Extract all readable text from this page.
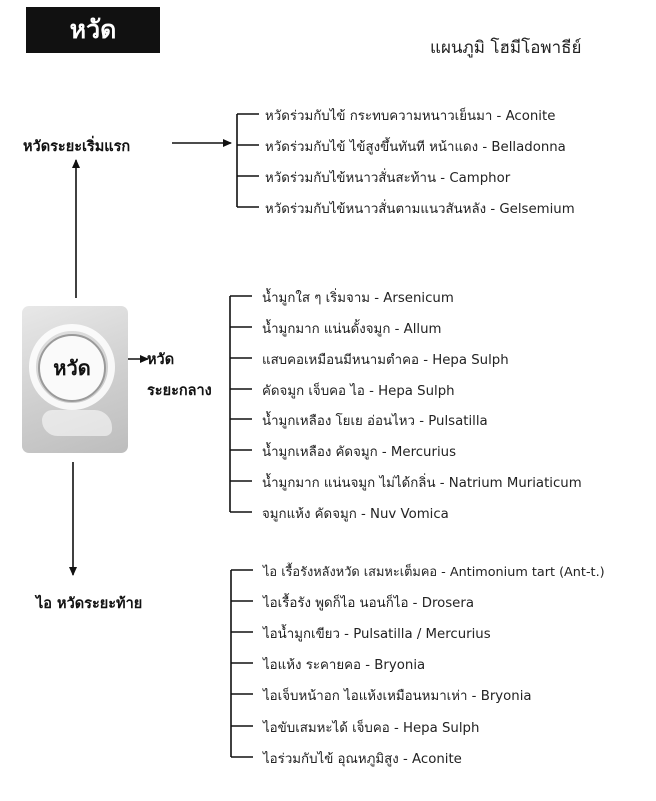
หวัด
แผนภูมิ โฮมีโอพาธีย์
หวัด
หวัดระยะเริ่มแรก
หวัด
ระยะกลาง
ไอ หวัดระยะท้าย
หวัดร่วมกับไข้ กระทบความหนาวเย็นมา - Aconite
หวัดร่วมกับไข้ ไข้สูงขึ้นทันที หน้าแดง - Belladonna
หวัดร่วมกับไข้หนาวสั่นสะท้าน - Camphor
หวัดร่วมกับไข้หนาวสั่นตามแนวสันหลัง - Gelsemium
น้ำมูกใส ๆ เริ่มจาม - Arsenicum
น้ำมูกมาก แน่นดั้งจมูก - Allum
แสบคอเหมือนมีหนามตำคอ - Hepa Sulph
คัดจมูก เจ็บคอ ไอ - Hepa Sulph
น้ำมูกเหลือง โยเย อ่อนไหว - Pulsatilla
น้ำมูกเหลือง คัดจมูก - Mercurius
น้ำมูกมาก แน่นจมูก ไม่ได้กลิ่น - Natrium Muriaticum
จมูกแห้ง คัดจมูก - Nuv Vomica
ไอ เรื้อรังหลังหวัด เสมหะเต็มคอ - Antimonium tart (Ant-t.)
ไอเรื้อรัง พูดก็ไอ นอนก็ไอ - Drosera
ไอน้ำมูกเขียว - Pulsatilla / Mercurius
ไอแห้ง ระคายคอ - Bryonia
ไอเจ็บหน้าอก ไอแห้งเหมือนหมาเห่า - Bryonia
ไอขับเสมหะได้ เจ็บคอ - Hepa Sulph
ไอร่วมกับไข้ อุณหภูมิสูง - Aconite
